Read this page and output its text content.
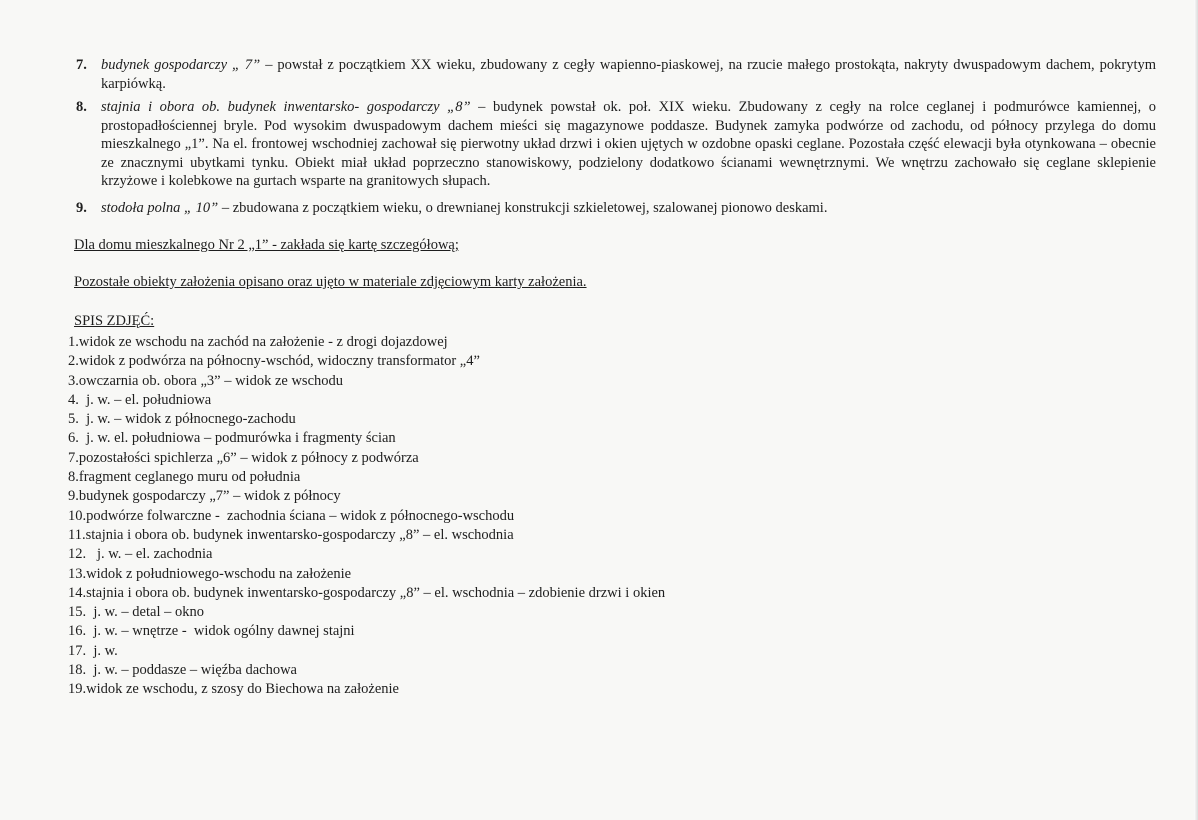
7. budynek gospodarczy „ 7” – powstał z początkiem XX wieku, zbudowany z cegły wapienno-piaskowej, na rzucie małego prostokąta, nakryty dwuspadowym dachem, pokrytym karpiówką.
8. stajnia i obora ob. budynek inwentarsko- gospodarczy „8” – budynek powstał ok. poł. XIX wieku. Zbudowany z cegły na rolce ceglanej i podmurówce kamiennej, o prostopadłościennej bryle. Pod wysokim dwuspadowym dachem mieści się magazynowe poddasze. Budynek zamyka podwórze od zachodu, od północy przylega do domu mieszkalnego „1”. Na el. frontowej wschodniej zachował się pierwotny układ drzwi i okien ujętych w ozdobne opaski ceglane. Pozostała część elewacji była otynkowana – obecnie ze znacznymi ubytkami tynku. Obiekt miał układ poprzeczno stanowiskowy, podzielony dodatkowo ścianami wewnętrznymi. We wnętrzu zachowało się ceglane sklepienie krzyżowe i kolebkowe na gurtach wsparte na granitowych słupach.
9. stodoła polna „ 10” – zbudowana z początkiem wieku, o drewnianej konstrukcji szkieletowej, szalowanej pionowo deskami.
Dla domu mieszkalnego Nr 2 „1” - zakłada się kartę szczegółową;
Pozostałe obiekty założenia opisano oraz ujęto w materiale zdjęciowym karty założenia.
SPIS ZDJĘĆ:
1.widok ze wschodu na zachód na założenie - z drogi dojazdowej
2.widok z podwórza na północny-wschód, widoczny transformator „4”
3.owczarnia ob. obora „3” – widok ze wschodu
4.  j. w. – el. południowa
5.  j. w. – widok z północnego-zachodu
6.  j. w. el. południowa – podmurówka i fragmenty ścian
7.pozostałości spichlerza „6” – widok z północy z podwórza
8.fragment ceglanego muru od południa
9.budynek gospodarczy „7” – widok z północy
10.podwórze folwarczne -  zachodnia ściana – widok z północnego-wschodu
11.stajnia i obora ob. budynek inwentarsko-gospodarczy „8” – el. wschodnia
12.   j. w. – el. zachodnia
13.widok z południowego-wschodu na założenie
14.stajnia i obora ob. budynek inwentarsko-gospodarczy „8” – el. wschodnia – zdobienie drzwi i okien
15.  j. w. – detal – okno
16.  j. w. – wnętrze -  widok ogólny dawnej stajni
17.  j. w.
18.  j. w. – poddasze – więźba dachowa
19.widok ze wschodu, z szosy do Biechowa na założenie
